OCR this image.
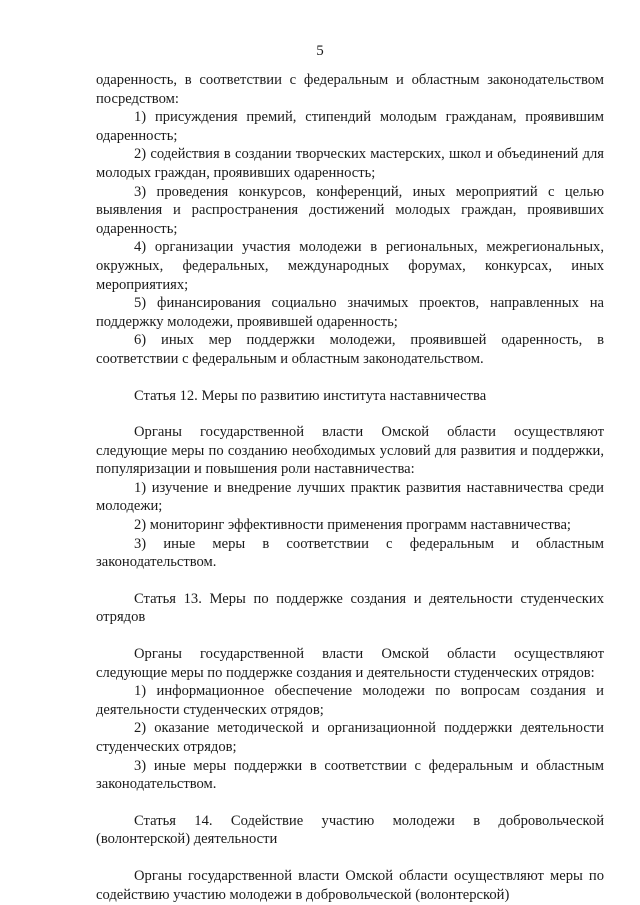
5

одаренность, в соответствии с федеральным и областным законодательством посредством:

1) присуждения премий, стипендий молодым гражданам, проявившим одаренность;

2) содействия в создании творческих мастерских, школ и объединений для молодых граждан, проявивших одаренность;

3) проведения конкурсов, конференций, иных мероприятий с целью выявления и распространения достижений молодых граждан, проявивших одаренность;

4) организации участия молодежи в региональных, межрегиональных, окружных, федеральных, международных форумах, конкурсах, иных мероприятиях;

5) финансирования социально значимых проектов, направленных на поддержку молодежи, проявившей одаренность;

6) иных мер поддержки молодежи, проявившей одаренность, в соответствии с федеральным и областным законодательством.

Статья 12. Меры по развитию института наставничества

Органы государственной власти Омской области осуществляют следующие меры по созданию необходимых условий для развития и поддержки, популяризации и повышения роли наставничества:

1) изучение и внедрение лучших практик развития наставничества среди молодежи;

2) мониторинг эффективности применения программ наставничества;

3) иные меры в соответствии с федеральным и областным законодательством.

Статья 13. Меры по поддержке создания и деятельности студенческих отрядов

Органы государственной власти Омской области осуществляют следующие меры по поддержке создания и деятельности студенческих отрядов:

1) информационное обеспечение молодежи по вопросам создания и деятельности студенческих отрядов;

2) оказание методической и организационной поддержки деятельности студенческих отрядов;

3) иные меры поддержки в соответствии с федеральным и областным законодательством.

Статья 14. Содействие участию молодежи в добровольческой (волонтерской) деятельности

Органы государственной власти Омской области осуществляют меры по содействию участию молодежи в добровольческой (волонтерской)
